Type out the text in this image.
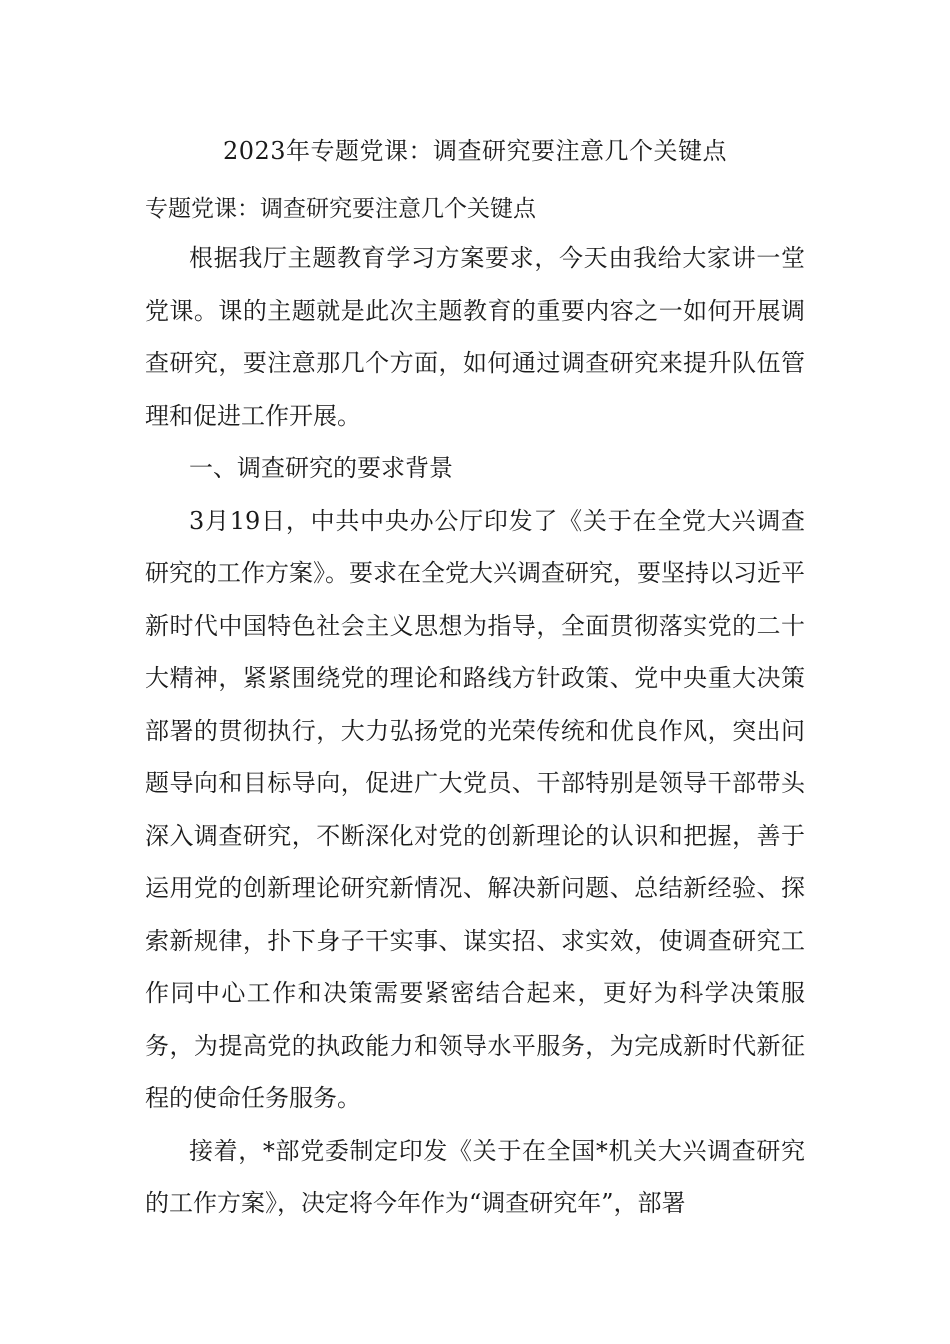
2023年专题党课：调查研究要注意几个关键点

专题党课：调查研究要注意几个关键点

根据我厅主题教育学习方案要求，今天由我给大家讲一堂党课。课的主题就是此次主题教育的重要内容之一如何开展调查研究，要注意那几个方面，如何通过调查研究来提升队伍管理和促进工作开展。

一、调查研究的要求背景

3月19日，中共中央办公厅印发了《关于在全党大兴调查研究的工作方案》。要求在全党大兴调查研究，要坚持以习近平新时代中国特色社会主义思想为指导，全面贯彻落实党的二十大精神，紧紧围绕党的理论和路线方针政策、党中央重大决策部署的贯彻执行，大力弘扬党的光荣传统和优良作风，突出问题导向和目标导向，促进广大党员、干部特别是领导干部带头深入调查研究，不断深化对党的创新理论的认识和把握，善于运用党的创新理论研究新情况、解决新问题、总结新经验、探索新规律，扑下身子干实事、谋实招、求实效，使调查研究工作同中心工作和决策需要紧密结合起来，更好为科学决策服务，为提高党的执政能力和领导水平服务，为完成新时代新征程的使命任务服务。

接着，*部党委制定印发《关于在全国*机关大兴调查研究的工作方案》，决定将今年作为“调查研究年”，部署
